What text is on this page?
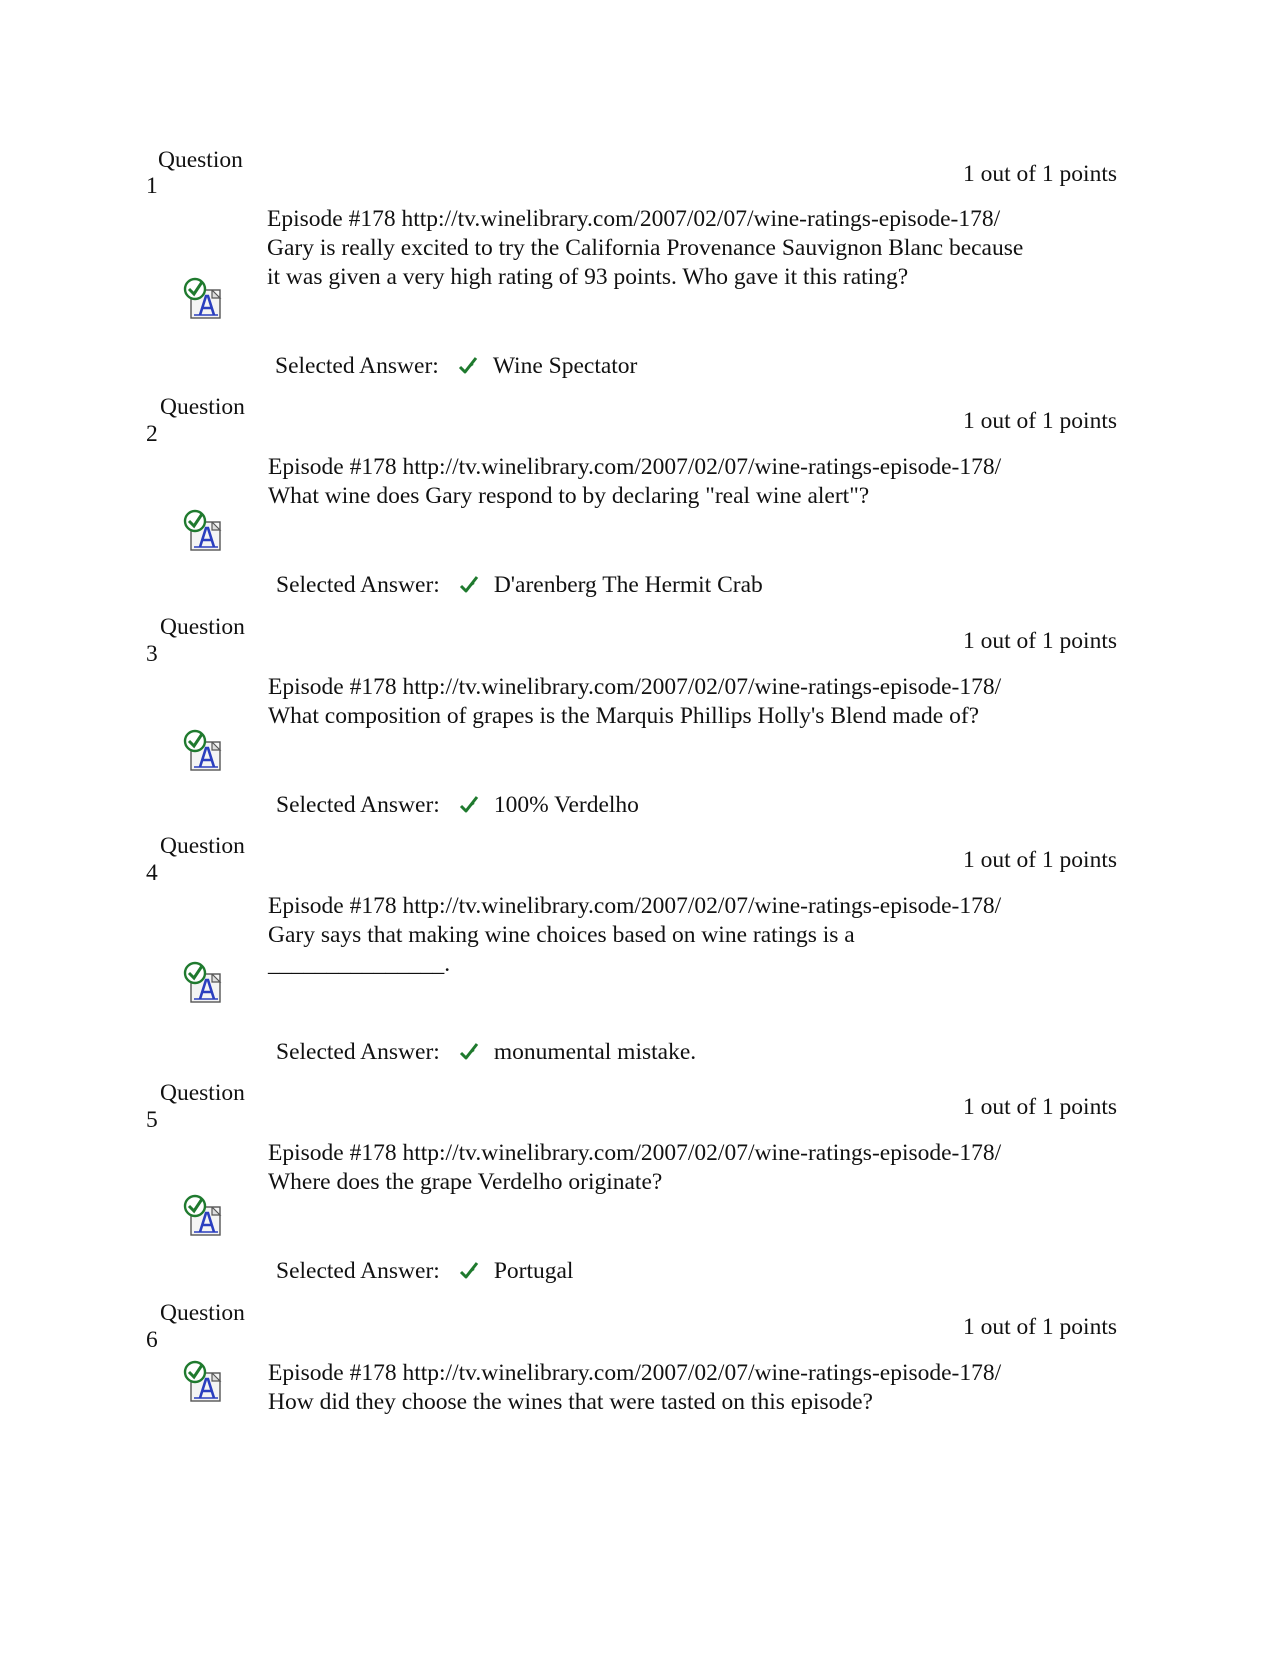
Question
1	1 out of 1 points
Episode #178 http://tv.winelibrary.com/2007/02/07/wine-ratings-episode-178/
Gary is really excited to try the California Provenance Sauvignon Blanc because
it was given a very high rating of 93 points. Who gave it this rating?
Selected Answer: Wine Spectator
Question
2	1 out of 1 points
Episode #178 http://tv.winelibrary.com/2007/02/07/wine-ratings-episode-178/
What wine does Gary respond to by declaring "real wine alert"?
Selected Answer: D'arenberg The Hermit Crab
Question
3	1 out of 1 points
Episode #178 http://tv.winelibrary.com/2007/02/07/wine-ratings-episode-178/
What composition of grapes is the Marquis Phillips Holly's Blend made of?
Selected Answer: 100% Verdelho
Question
4	1 out of 1 points
Episode #178 http://tv.winelibrary.com/2007/02/07/wine-ratings-episode-178/
Gary says that making wine choices based on wine ratings is a
_______________.
Selected Answer: monumental mistake.
Question
5	1 out of 1 points
Episode #178 http://tv.winelibrary.com/2007/02/07/wine-ratings-episode-178/
Where does the grape Verdelho originate?
Selected Answer: Portugal
Question
6	1 out of 1 points
Episode #178 http://tv.winelibrary.com/2007/02/07/wine-ratings-episode-178/
How did they choose the wines that were tasted on this episode?
